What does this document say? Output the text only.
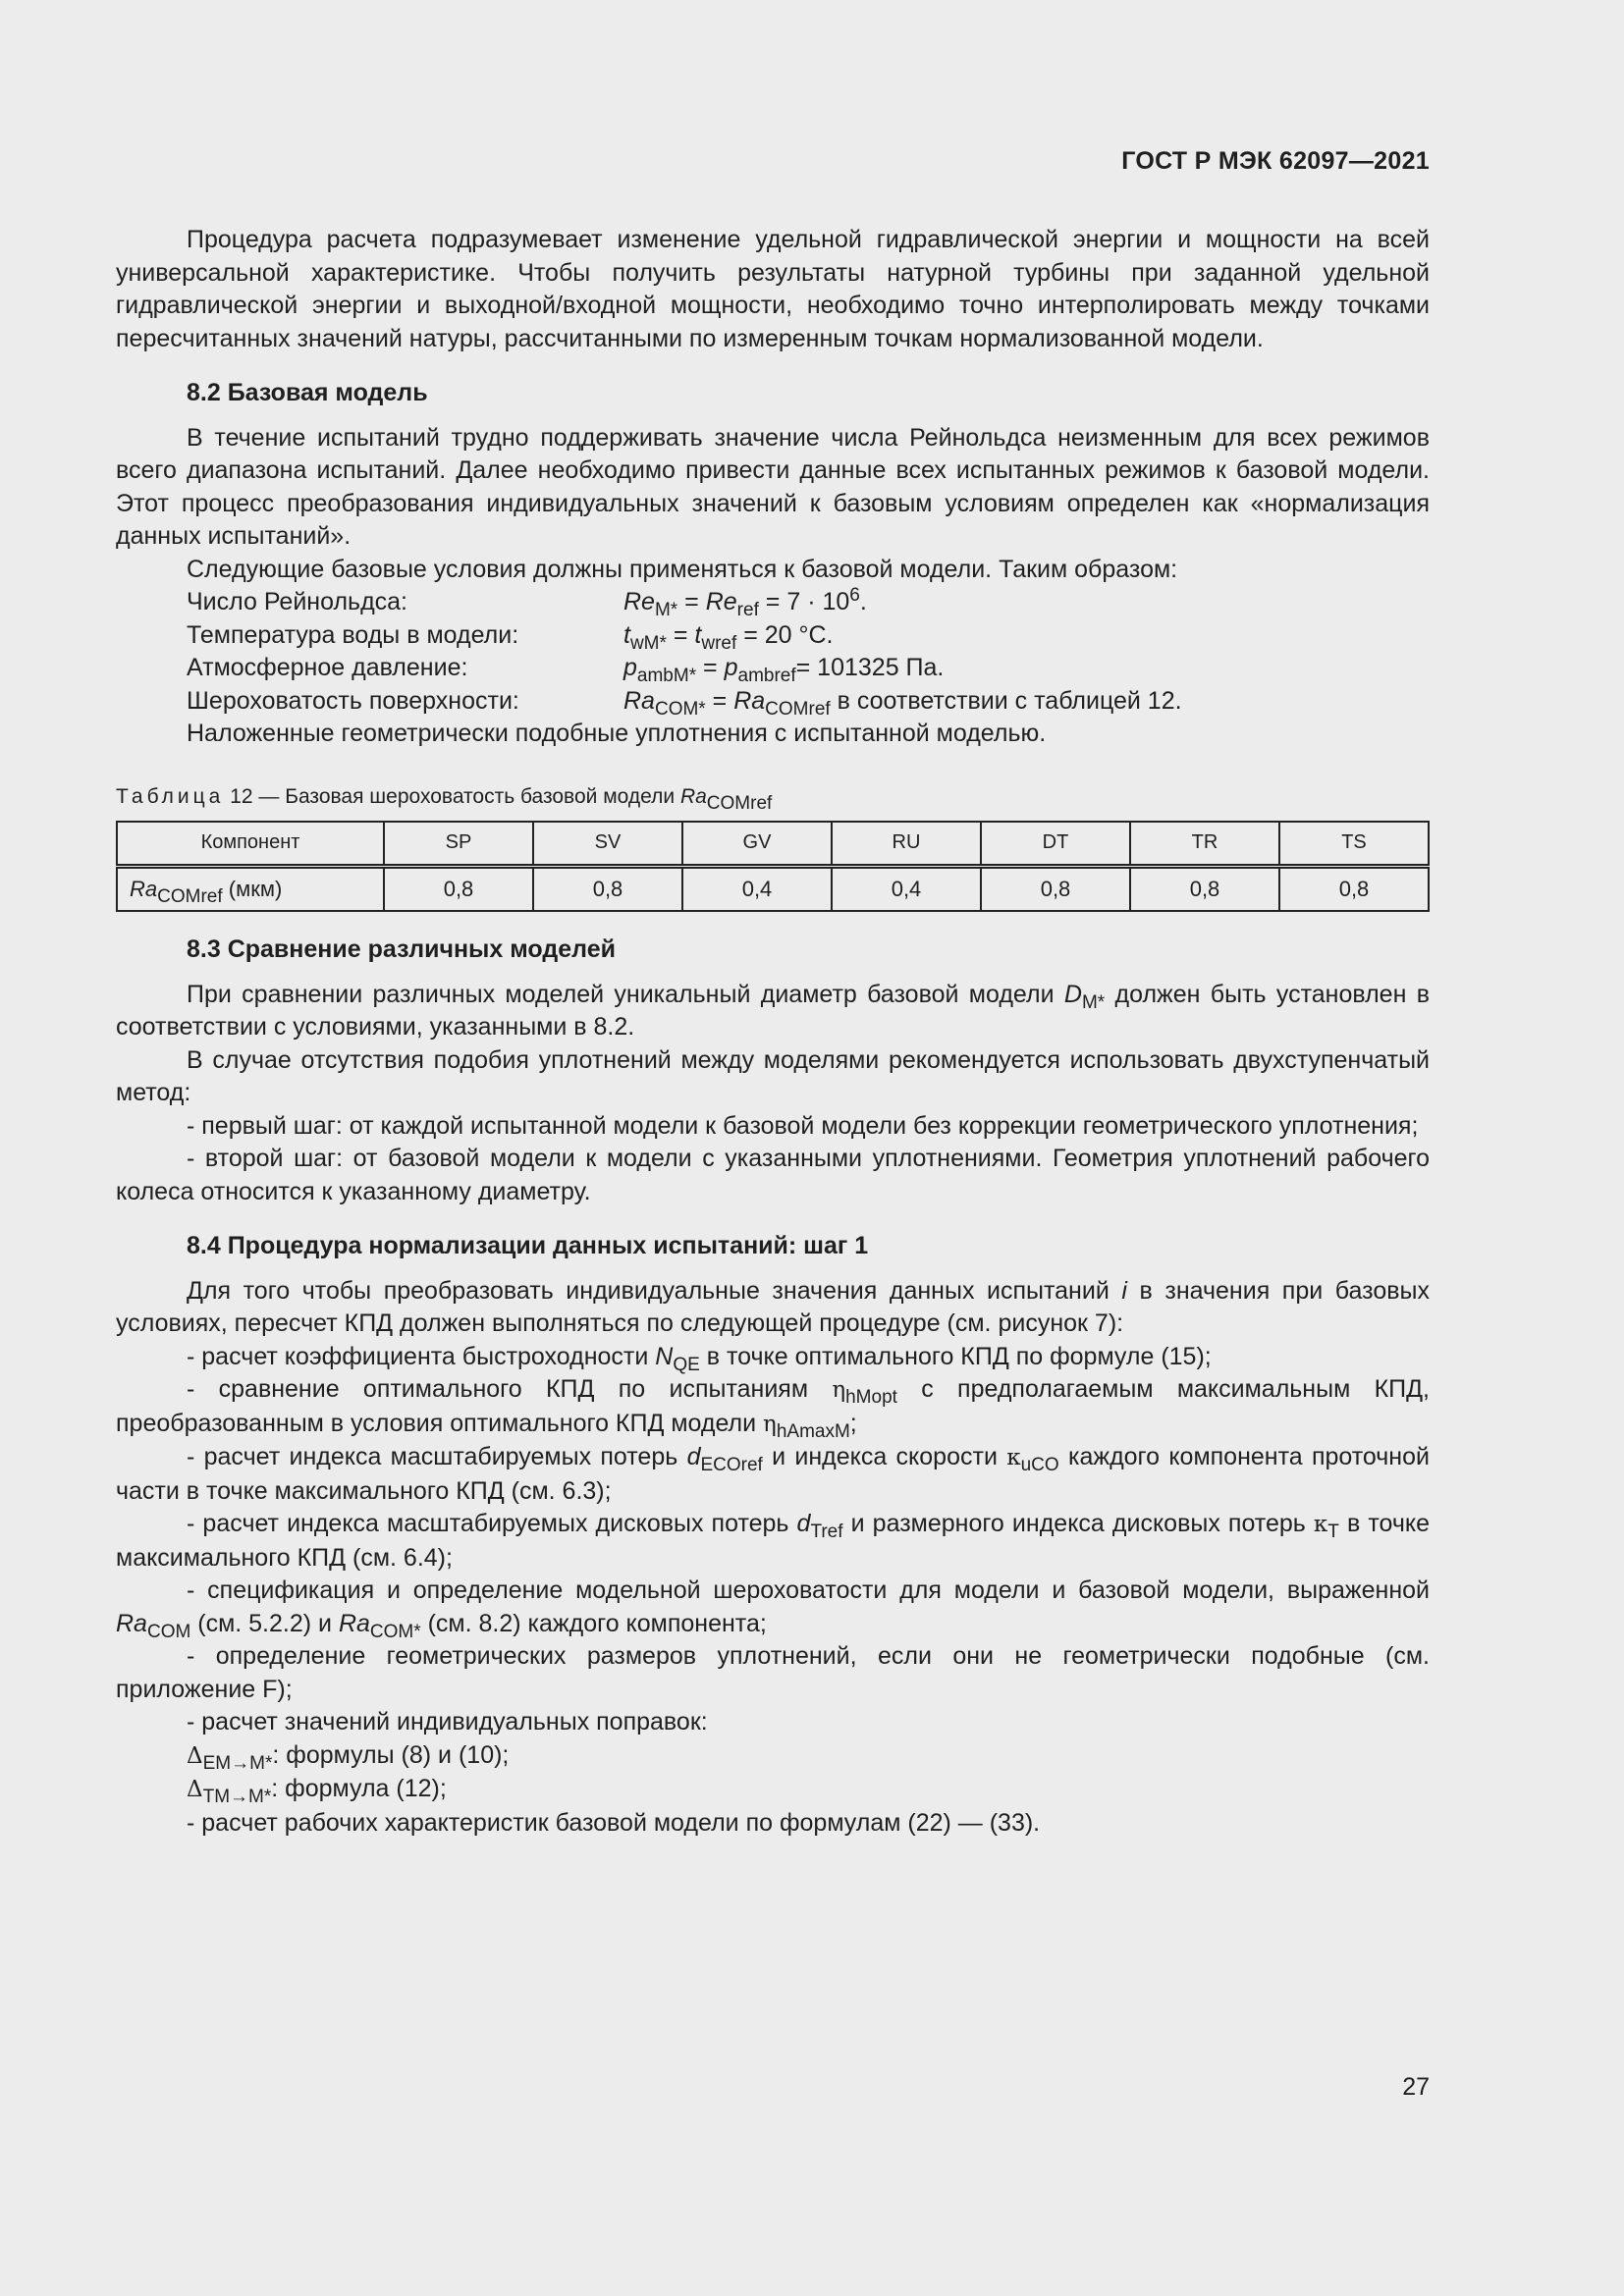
ГОСТ Р МЭК 62097—2021

Процедура расчета подразумевает изменение удельной гидравлической энергии и мощности на всей универсальной характеристике. Чтобы получить результаты натурной турбины при заданной удельной гидравлической энергии и выходной/входной мощности, необходимо точно интерполировать между точками пересчитанных значений натуры, рассчитанными по измеренным точкам нормализованной модели.

8.2 Базовая модель

В течение испытаний трудно поддерживать значение числа Рейнольдса неизменным для всех режимов всего диапазона испытаний. Далее необходимо привести данные всех испытанных режимов к базовой модели. Этот процесс преобразования индивидуальных значений к базовым условиям определен как «нормализация данных испытаний».

Следующие базовые условия должны применяться к базовой модели. Таким образом:

Число Рейнольдса:	$Re_{M*} = Re_{ref} = 7 \cdot 10^6$.
Температура воды в модели:	$t_{wM*} = t_{wref} = 20$ °C.
Атмосферное давление:	$p_{ambM*} = p_{ambref}= 101325$ Па.
Шероховатость поверхности:	$Ra_{COM*} = Ra_{COMref}$ в соответствии с таблицей 12.

Наложенные геометрически подобные уплотнения с испытанной моделью.

Таблица 12 — Базовая шероховатость базовой модели $Ra_{COMref}$

Компонент	SP	SV	GV	RU	DT	TR	TS
$Ra_{COMref}$ (мкм)	0,8	0,8	0,4	0,4	0,8	0,8	0,8

8.3 Сравнение различных моделей

При сравнении различных моделей уникальный диаметр базовой модели $D_{M*}$ должен быть установлен в соответствии с условиями, указанными в 8.2.

В случае отсутствия подобия уплотнений между моделями рекомендуется использовать двухступенчатый метод:

- первый шаг: от каждой испытанной модели к базовой модели без коррекции геометрического уплотнения;

- второй шаг: от базовой модели к модели с указанными уплотнениями. Геометрия уплотнений рабочего колеса относится к указанному диаметру.

8.4 Процедура нормализации данных испытаний: шаг 1

Для того чтобы преобразовать индивидуальные значения данных испытаний i в значения при базовых условиях, пересчет КПД должен выполняться по следующей процедуре (см. рисунок 7):

- расчет коэффициента быстроходности $N_{QE}$ в точке оптимального КПД по формуле (15);

- сравнение оптимального КПД по испытаниям $\eta_{hMopt}$ с предполагаемым максимальным КПД, преобразованным в условия оптимального КПД модели $\eta_{hAmaxM}$;

- расчет индекса масштабируемых потерь $d_{ECOref}$ и индекса скорости $\kappa_{uCO}$ каждого компонента проточной части в точке максимального КПД (см. 6.3);

- расчет индекса масштабируемых дисковых потерь $d_{Tref}$ и размерного индекса дисковых потерь $\kappa_T$ в точке максимального КПД (см. 6.4);

- спецификация и определение модельной шероховатости для модели и базовой модели, выраженной $Ra_{COM}$ (см. 5.2.2) и $Ra_{COM*}$ (см. 8.2) каждого компонента;

- определение геометрических размеров уплотнений, если они не геометрически подобные (см. приложение F);

- расчет значений индивидуальных поправок:

$\Delta_{EM\to M*}$: формулы (8) и (10);

$\Delta_{TM\to M*}$: формула (12);

- расчет рабочих характеристик базовой модели по формулам (22) — (33).

27
